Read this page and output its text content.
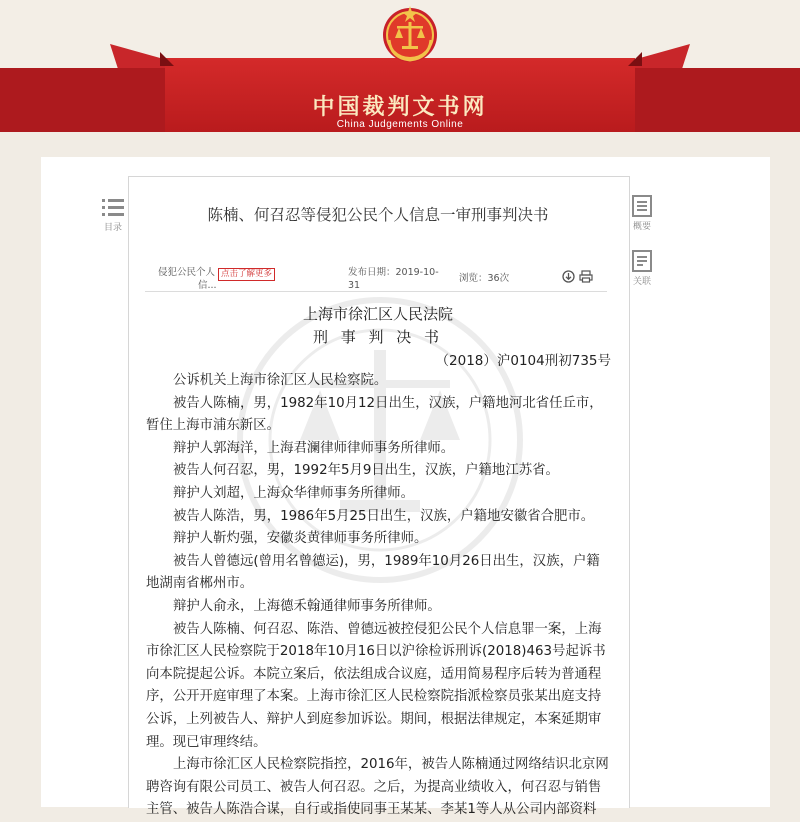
中国裁判文书网
China Judgements Online
目录	概要
关联
陈楠、何召忍等侵犯公民个人信息一审刑事判决书
侵犯公民个人
信...
点击了解更多	发布日期：2019-10-
31
浏览：36次
上海市徐汇区人民法院
刑 事 判 决 书
（2018）沪0104刑初735号

公诉机关上海市徐汇区人民检察院。

被告人陈楠，男，1982年10月12日出生，汉族，户籍地河北省任丘市，暂住上海市浦东新区。

辩护人郭海洋，上海君澜律师律师事务所律师。

被告人何召忍，男，1992年5月9日出生，汉族，户籍地江苏省。

辩护人刘超，上海众华律师事务所律师。

被告人陈浩，男，1986年5月25日出生，汉族，户籍地安徽省合肥市。

辩护人靳灼强，安徽炎黄律师事务所律师。

被告人曾德远(曾用名曾德运)，男，1989年10月26日出生，汉族，户籍地湖南省郴州市。

辩护人俞永，上海德禾翰通律师事务所律师。

被告人陈楠、何召忍、陈浩、曾德远被控侵犯公民个人信息罪一案，上海市徐汇区人民检察院于2018年10月16日以沪徐检诉刑诉(2018)463号起诉书向本院提起公诉。本院立案后，依法组成合议庭，适用简易程序后转为普通程序，公开开庭审理了本案。上海市徐汇区人民检察院指派检察员张某出庭支持公诉，上列被告人、辩护人到庭参加诉讼。期间，根据法律规定，本案延期审理。现已审理终结。

上海市徐汇区人民检察院指控，2016年，被告人陈楠通过网络结识北京网聘咨询有限公司员工、被告人何召忍。之后，为提高业绩收入，何召忍与销售主管、被告人陈浩合谋，自行或指使同事王某某、李某1等人从公司内部资料
